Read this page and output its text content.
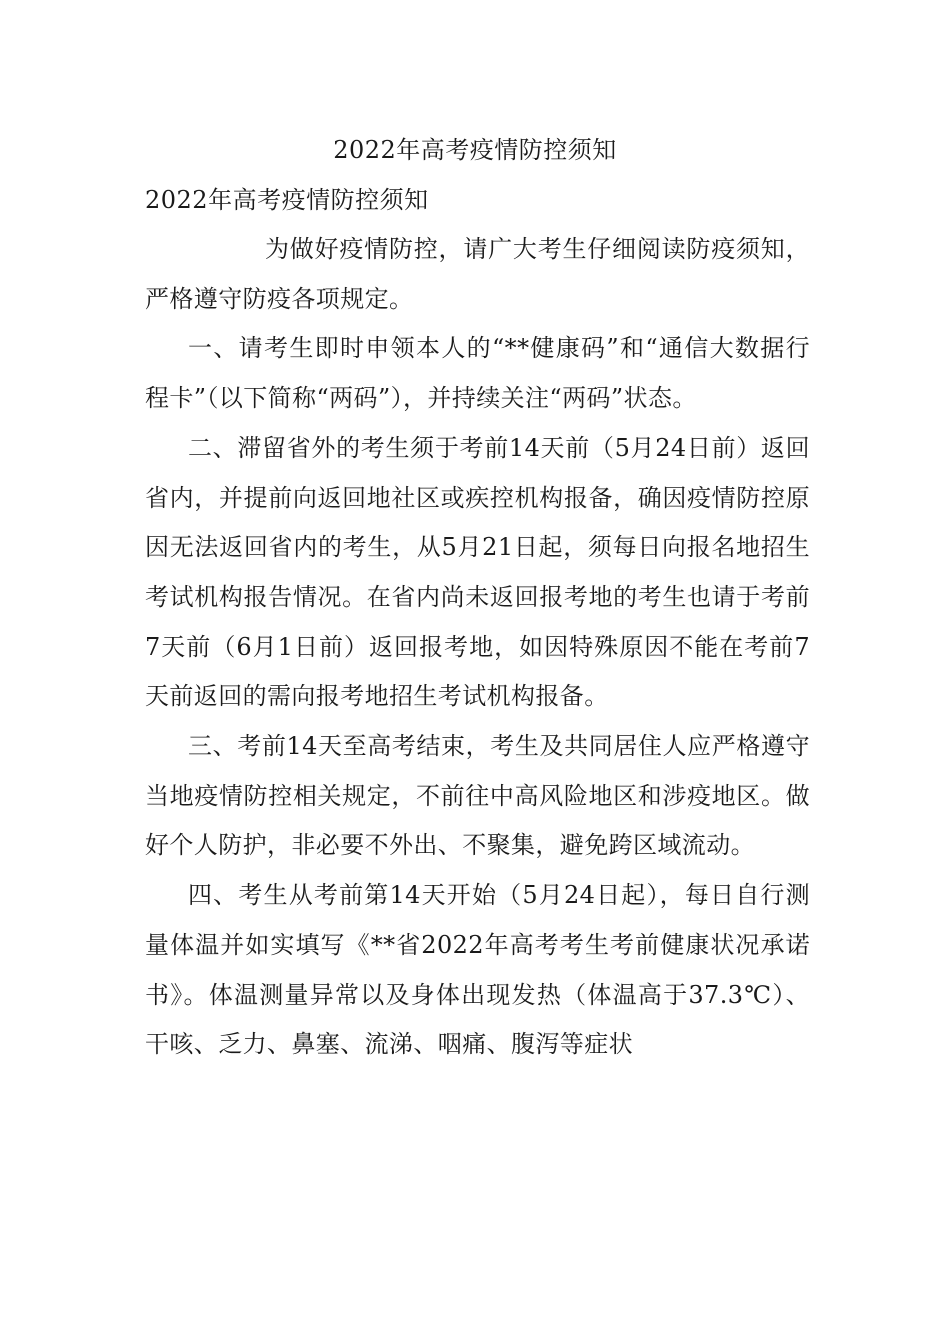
2022年高考疫情防控须知
2022年高考疫情防控须知

为做好疫情防控，请广大考生仔细阅读防疫须知，严格遵守防疫各项规定。

一、请考生即时申领本人的“**健康码”和“通信大数据行程卡”（以下简称“两码”），并持续关注“两码”状态。

二、滞留省外的考生须于考前14天前（5月24日前）返回省内，并提前向返回地社区或疾控机构报备，确因疫情防控原因无法返回省内的考生，从5月21日起，须每日向报名地招生考试机构报告情况。在省内尚未返回报考地的考生也请于考前7天前（6月1日前）返回报考地，如因特殊原因不能在考前7天前返回的需向报考地招生考试机构报备。

三、考前14天至高考结束，考生及共同居住人应严格遵守当地疫情防控相关规定，不前往中高风险地区和涉疫地区。做好个人防护，非必要不外出、不聚集，避免跨区域流动。

四、考生从考前第14天开始（5月24日起），每日自行测量体温并如实填写《**省2022年高考考生考前健康状况承诺书》。体温测量异常以及身体出现发热（体温高于37.3℃）、干咳、乏力、鼻塞、流涕、咽痛、腹泻等症状
